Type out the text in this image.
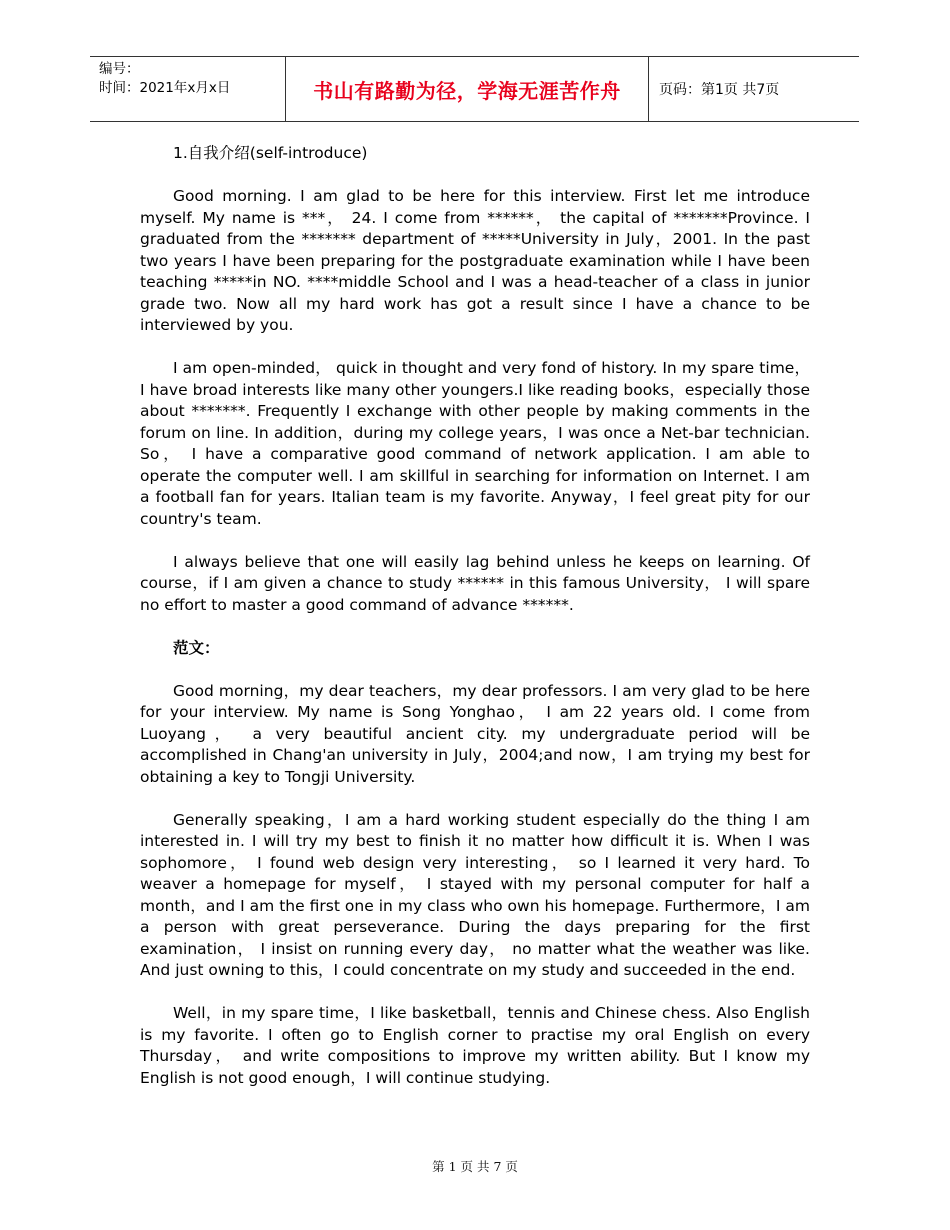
编号：
时间：2021年x月x日	书山有路勤为径，学海无涯苦作舟	页码：第1页 共7页

1.自我介绍(self-introduce)

Good morning. I am glad to be here for this interview. First let me introduce myself. My name is ***， 24. I come from ******， the capital of *******Province. I graduated from the ******* department of *****University in July，2001. In the past two years I have been preparing for the postgraduate examination while I have been teaching *****in NO. ****middle School and I was a head-teacher of a class in junior grade two. Now all my hard work has got a result since I have a chance to be interviewed by you.

I am open-minded， quick in thought and very fond of history. In my spare time， I have broad interests like many other youngers.I like reading books，especially those about *******. Frequently I exchange with other people by making comments in the forum on line. In addition，during my college years，I was once a Net-bar technician. So， I have a comparative good command of network application. I am able to operate the computer well. I am skillful in searching for information on Internet. I am a football fan for years. Italian team is my favorite. Anyway，I feel great pity for our country's team.

I always believe that one will easily lag behind unless he keeps on learning. Of course，if I am given a chance to study ****** in this famous University， I will spare no effort to master a good command of advance ******.

范文：

Good morning，my dear teachers，my dear professors. I am very glad to be here for your interview. My name is Song Yonghao， I am 22 years old. I come from Luoyang， a very beautiful ancient city. my undergraduate period will be accomplished in Chang'an university in July，2004;and now，I am trying my best for obtaining a key to Tongji University.

Generally speaking，I am a hard working student especially do the thing I am interested in. I will try my best to finish it no matter how difficult it is. When I was sophomore， I found web design very interesting， so I learned it very hard. To weaver a homepage for myself， I stayed with my personal computer for half a month，and I am the first one in my class who own his homepage. Furthermore，I am a person with great perseverance. During the days preparing for the first examination， I insist on running every day， no matter what the weather was like. And just owning to this，I could concentrate on my study and succeeded in the end.

Well，in my spare time，I like basketball，tennis and Chinese chess. Also English is my favorite. I often go to English corner to practise my oral English on every Thursday， and write compositions to improve my written ability. But I know my English is not good enough，I will continue studying.

第 1 页 共 7 页
